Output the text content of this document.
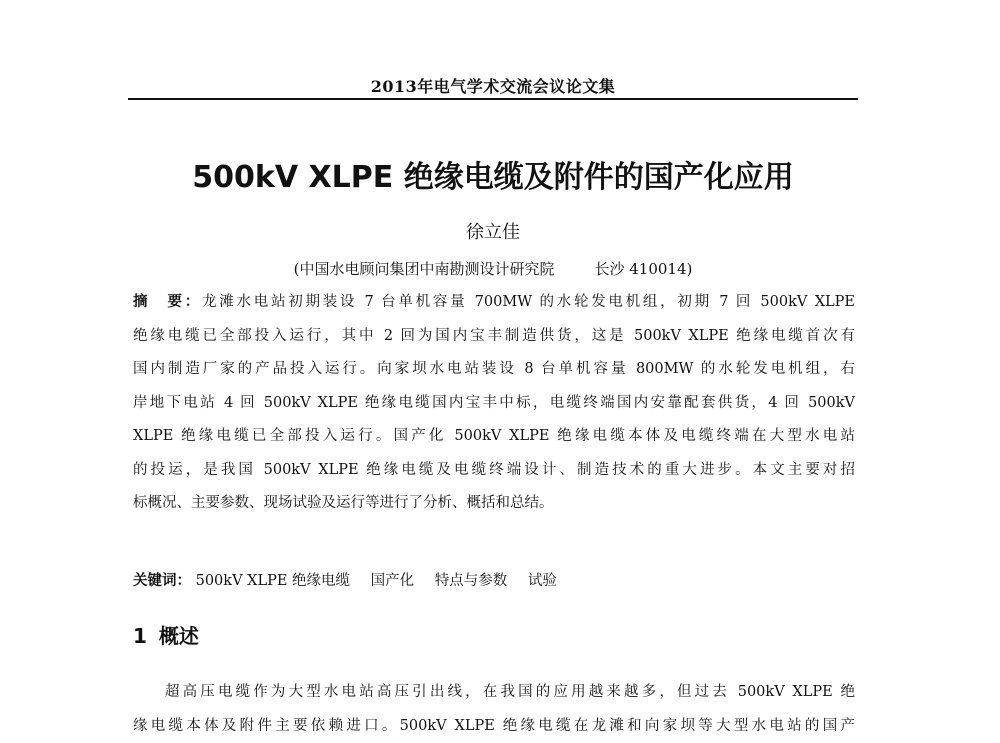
2013年电气学术交流会议论文集
500kV XLPE 绝缘电缆及附件的国产化应用
徐立佳
(中国水电顾问集团中南勘测设计研究院	长沙 410014)
摘　要：龙滩水电站初期装设 7 台单机容量 700MW 的水轮发电机组，初期 7 回 500kV XLPE
绝缘电缆已全部投入运行，其中 2 回为国内宝丰制造供货，这是 500kV XLPE 绝缘电缆首次有
国内制造厂家的产品投入运行。向家坝水电站装设 8 台单机容量 800MW 的水轮发电机组，右
岸地下电站 4 回 500kV XLPE 绝缘电缆国内宝丰中标，电缆终端国内安靠配套供货，4 回 500kV
XLPE 绝缘电缆已全部投入运行。国产化 500kV XLPE 绝缘电缆本体及电缆终端在大型水电站
的投运，是我国 500kV XLPE 绝缘电缆及电缆终端设计、制造技术的重大进步。本文主要对招
标概况、主要参数、现场试验及运行等进行了分析、概括和总结。
关键词： 500kV XLPE 绝缘电缆 国产化 特点与参数 试验
1 概述
超高压电缆作为大型水电站高压引出线，在我国的应用越来越多，但过去 500kV XLPE 绝
缘电缆本体及附件主要依赖进口。500kV XLPE 绝缘电缆在龙滩和向家坝等大型水电站的国产
